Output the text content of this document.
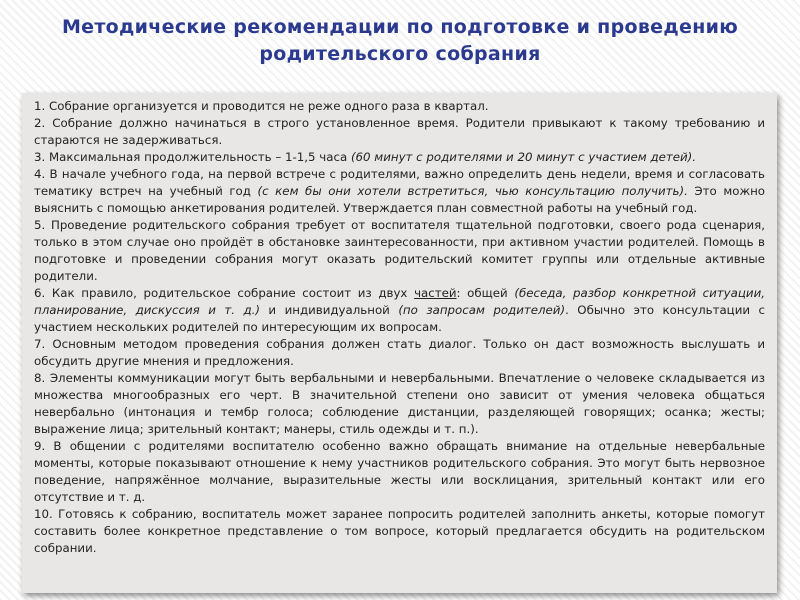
Методические рекомендации по подготовке и проведению
родительского собрания

1. Собрание организуется и проводится не реже одного раза в квартал.

2. Собрание должно начинаться в строго установленное время. Родители привыкают к такому требованию и стараются не задерживаться.

3. Максимальная продолжительность – 1-1,5 часа (60 минут с родителями и 20 минут с участием детей).

4. В начале учебного года, на первой встрече с родителями, важно определить день недели, время и согласовать тематику встреч на учебный год (с кем бы они хотели встретиться, чью консультацию получить). Это можно выяснить с помощью анкетирования родителей. Утверждается план совместной работы на учебный год.

5. Проведение родительского собрания требует от воспитателя тщательной подготовки, своего рода сценария, только в этом случае оно пройдёт в обстановке заинтересованности, при активном участии родителей. Помощь в подготовке и проведении собрания могут оказать родительский комитет группы или отдельные активные родители.

6. Как правило, родительское собрание состоит из двух частей: общей (беседа, разбор конкретной ситуации, планирование, дискуссия и т. д.) и индивидуальной (по запросам родителей). Обычно это консультации с участием нескольких родителей по интересующим их вопросам.

7. Основным методом проведения собрания должен стать диалог. Только он даст возможность выслушать и обсудить другие мнения и предложения.

8. Элементы коммуникации могут быть вербальными и невербальными. Впечатление о человеке складывается из множества многообразных его черт. В значительной степени оно зависит от умения человека общаться невербально (интонация и тембр голоса; соблюдение дистанции, разделяющей говорящих; осанка; жесты; выражение лица; зрительный контакт; манеры, стиль одежды и т. п.).

9. В общении с родителями воспитателю особенно важно обращать внимание на отдельные невербальные моменты, которые показывают отношение к нему участников родительского собрания. Это могут быть нервозное поведение, напряжённое молчание, выразительные жесты или восклицания, зрительный контакт или его отсутствие и т. д.

10. Готовясь к собранию, воспитатель может заранее попросить родителей заполнить анкеты, которые помогут составить более конкретное представление о том вопросе, который предлагается обсудить на родительском собрании.
